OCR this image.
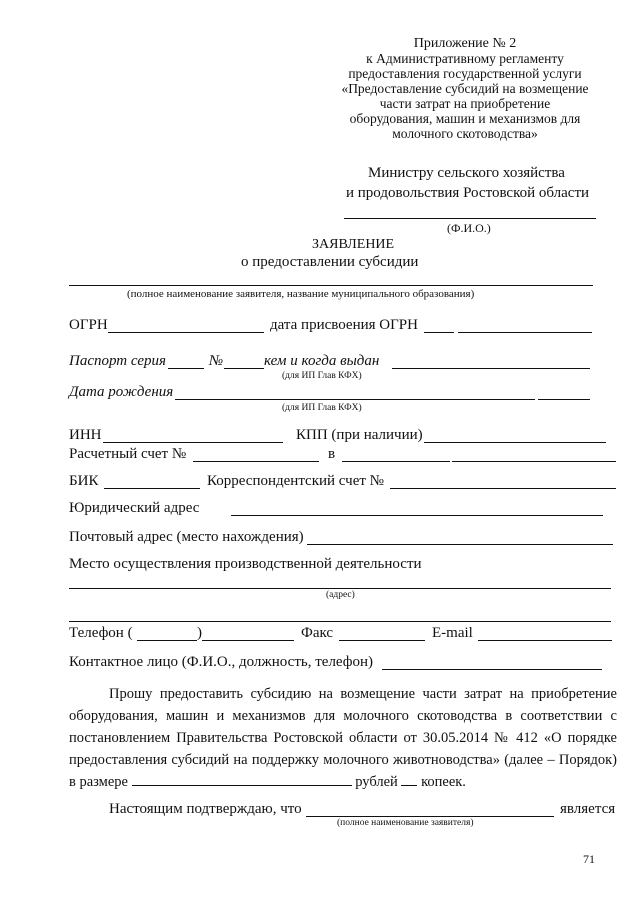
Приложение № 2
к Административному регламенту
предоставления государственной услуги
«Предоставление субсидий на возмещение
части затрат на приобретение
оборудования, машин и механизмов для
молочного скотоводства»
Министру сельского хозяйства
и продовольствия Ростовской области
(Ф.И.О.)
ЗАЯВЛЕНИЕ
о предоставлении субсидии
(полное наименование заявителя, название муниципального образования)
ОГРН	дата присвоения ОГРН
Паспорт серия	№	кем и когда выдан
(для ИП Глав КФХ)
Дата рождения
(для ИП Глав КФХ)
ИНН	КПП (при наличии)
Расчетный счет №	в
БИК	Корреспондентский счет №
Юридический адрес
Почтовый адрес (место нахождения)
Место осуществления производственной деятельности
(адрес)
Телефон (	)	Факс	E-mail
Контактное лицо (Ф.И.О., должность, телефон)

Прошу предоставить субсидию на возмещение части затрат на приобретение оборудования, машин и механизмов для молочного скотоводства в соответствии с постановлением Правительства Ростовской области от 30.05.2014 № 412 «О порядке предоставления субсидий на поддержку молочного животноводства» (далее – Порядок) в размере	рублей копеек.

Настоящим подтверждаю, что	является
(полное наименование заявителя)
71
